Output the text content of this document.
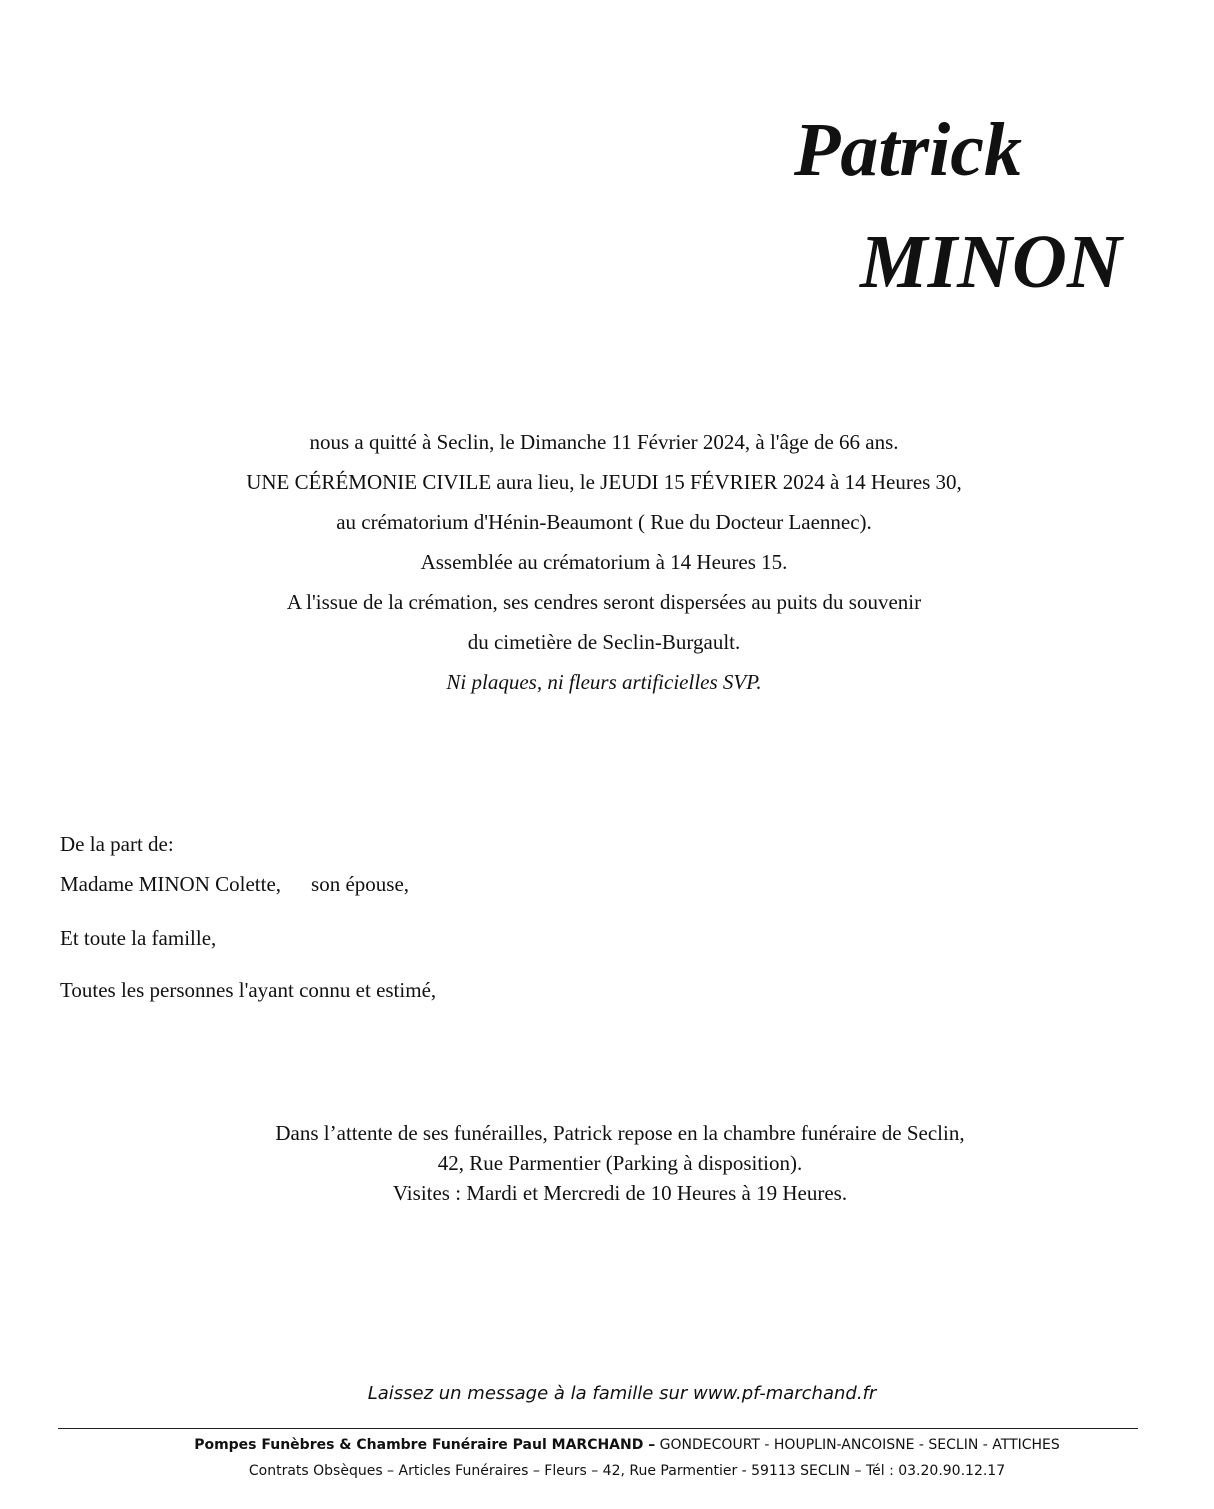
Patrick
MINON
nous a quitté à Seclin, le Dimanche 11 Février 2024, à l'âge de 66 ans.
UNE CÉRÉMONIE CIVILE aura lieu, le JEUDI 15 FÉVRIER 2024 à 14 Heures 30,
au crématorium d'Hénin-Beaumont ( Rue du Docteur Laennec).
Assemblée au crématorium à 14 Heures 15.
A l'issue de la crémation, ses cendres seront dispersées au puits du souvenir
du cimetière de Seclin-Burgault.
Ni plaques, ni fleurs artificielles SVP.
De la part de:
Madame MINON Colette, son épouse,
Et toute la famille,
Toutes les personnes l'ayant connu et estimé,
Dans l’attente de ses funérailles, Patrick repose en la chambre funéraire de Seclin,
42, Rue Parmentier (Parking à disposition).
Visites : Mardi et Mercredi de 10 Heures à 19 Heures.
Laissez un message à la famille sur www.pf-marchand.fr
Pompes Funèbres & Chambre Funéraire Paul MARCHAND – GONDECOURT - HOUPLIN-ANCOISNE - SECLIN - ATTICHES
Contrats Obsèques – Articles Funéraires – Fleurs – 42, Rue Parmentier - 59113 SECLIN – Tél : 03.20.90.12.17
